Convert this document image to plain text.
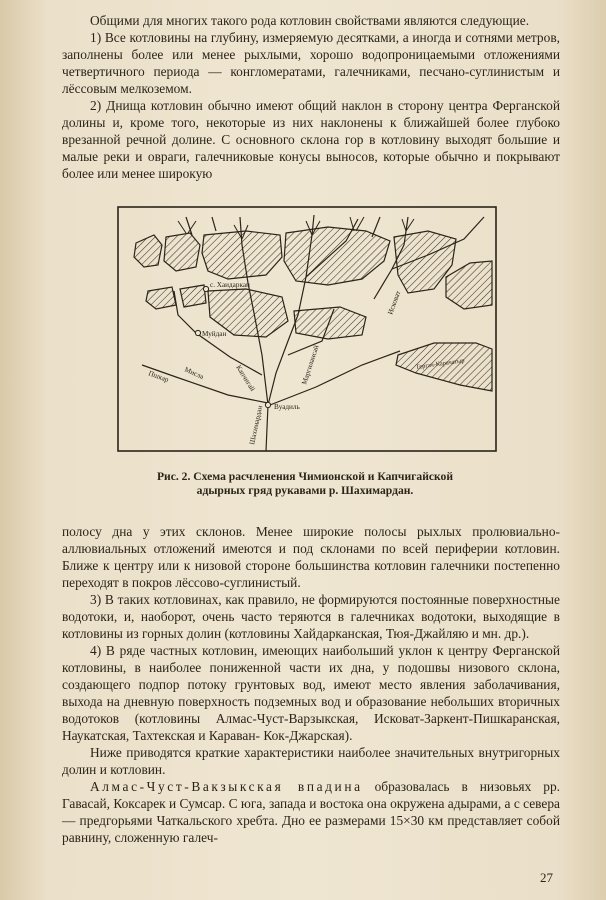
Общими для многих такого рода котловин свойствами являются следующие.

1) Все котловины на глубину, измеряемую десятками, а иногда и сотнями метров, заполнены более или менее рыхлыми, хорошо водопроницаемыми отложениями четвертичного периода — конгломератами, галечниками, песчано-суглинистым и лёссовым мелкоземом.

2) Днища котловин обычно имеют общий наклон в сторону центра Ферганской долины и, кроме того, некоторые из них наклонены к ближайшей более глубоко врезанной речной долине. С основного склона гор в котловину выходят большие и малые реки и овраги, галечниковые конусы выносов, которые обычно и покрывают более или менее широкую

с. Хаидаркан
Мисла
Муйдан
Вуадиль
Шахимардан
Маргилансай
Капчигай
Исковат
Пшкар
Тергач-Карачатыр
Рис. 2. Схема расчленения Чимионской и Капчигайской
адырных гряд рукавами р. Шахимардан.

полосу дна у этих склонов. Менее широкие полосы рыхлых пролювиально-аллювиальных отложений имеются и под склонами по всей периферии котловин. Ближе к центру или к низовой стороне большинства котловин галечники постепенно переходят в покров лёссово-суглинистый.

3) В таких котловинах, как правило, не формируются постоянные поверхностные водотоки, и, наоборот, очень часто теряются в галечниках водотоки, выходящие в котловины из горных долин (котловины Хайдарканская, Тюя-Джайляю и мн. др.).

4) В ряде частных котловин, имеющих наибольший уклон к центру Ферганской котловины, в наиболее пониженной части их дна, у подошвы низового склона, создающего подпор потоку грунтовых вод, имеют место явления заболачивания, выхода на дневную поверхность подземных вод и образование небольших вторичных водотоков (котловины Алмас-Чуст-Варзыкская, Исковат-Заркент-Пишкаранская, Наукатская, Тахтекская и Караван- Кок-Джарская).

Ниже приводятся краткие характеристики наиболее значительных внутригорных долин и котловин.

Алмас-Чуст-Вакзыкская впадина образовалась в низовьях рр. Гавасай, Коксарек и Сумсар. С юга, запада и востока она окружена адырами, а с севера— предгорьями Чаткальского хребта. Дно ее размерами 15×30 км представляет собой равнину, сложенную галеч-

27
